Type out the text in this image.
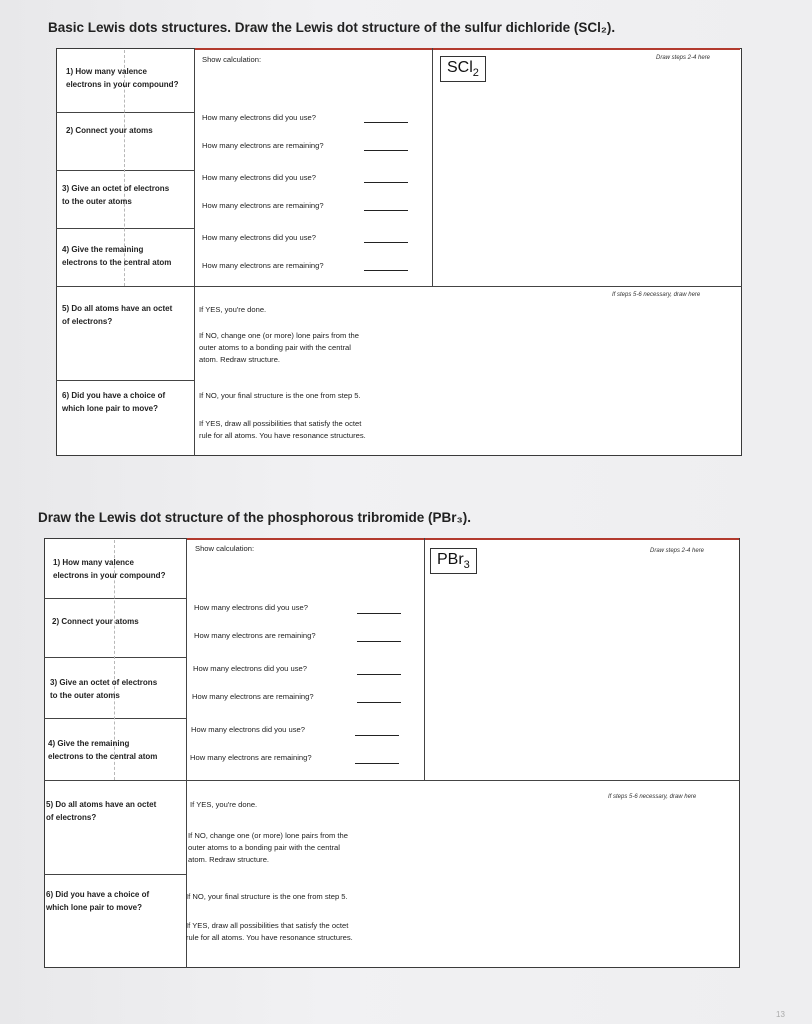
Basic Lewis dots structures. Draw the Lewis dot structure of the sulfur dichloride (SCl₂).
1) How many valence
electrons in your compound?
2) Connect your atoms
3) Give an octet of electrons
to the outer atoms
4) Give the remaining
electrons to the central atom
5) Do all atoms have an octet
of electrons?
6) Did you have a choice of
which lone pair to move?
Show calculation:	SCl$_2$
Draw steps 2-4 here
If steps 5-6 necessary, draw here
How many electrons did you use?
How many electrons are remaining?
How many electrons did you use?
How many electrons are remaining?
How many electrons did you use?
How many electrons are remaining?
If YES, you're done.
If NO, change one (or more) lone pairs from the
outer atoms to a bonding pair with the central
atom. Redraw structure.
If NO, your final structure is the one from step 5.
If YES, draw all possibilities that satisfy the octet
rule for all atoms. You have resonance structures.
Draw the Lewis dot structure of the phosphorous tribromide (PBr₃).
1) How many valence
electrons in your compound?
2) Connect your atoms
3) Give an octet of electrons
to the outer atoms
4) Give the remaining
electrons to the central atom
5) Do all atoms have an octet
of electrons?
6) Did you have a choice of
which lone pair to move?
Show calculation:
PBr$_3$
Draw steps 2-4 here
If steps 5-6 necessary, draw here
How many electrons did you use?
How many electrons are remaining?
How many electrons did you use?
How many electrons are remaining?
How many electrons did you use?
How many electrons are remaining?
If YES, you're done.
If NO, change one (or more) lone pairs from the
outer atoms to a bonding pair with the central
atom. Redraw structure.
If NO, your final structure is the one from step 5.
If YES, draw all possibilities that satisfy the octet
rule for all atoms. You have resonance structures.
13
